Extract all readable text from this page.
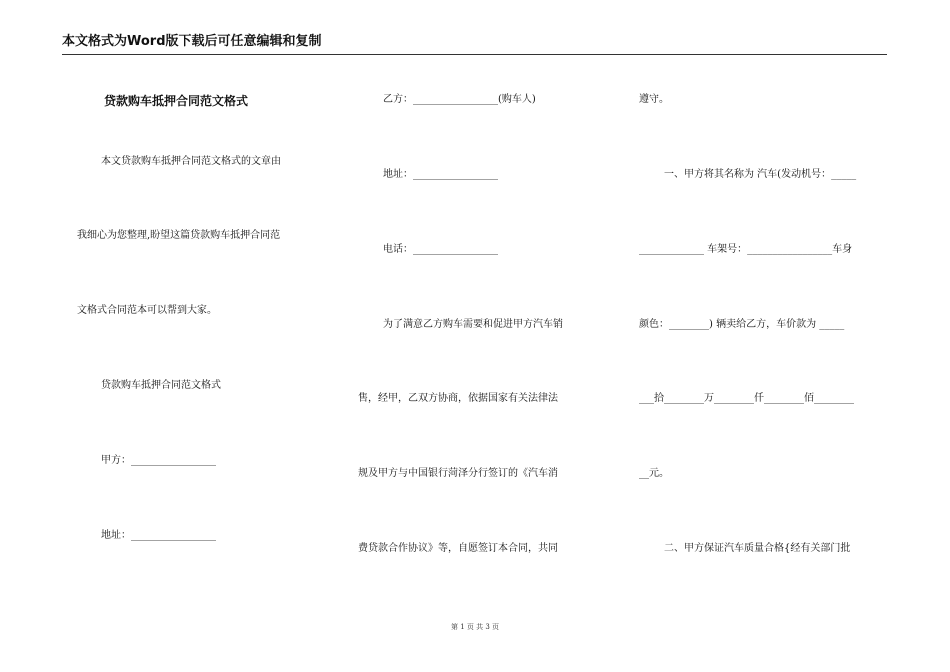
本文格式为Word版下载后可任意编辑和复制
贷款购车抵押合同范文格式
本文贷款购车抵押合同范文格式的文章由
我细心为您整理,盼望这篇贷款购车抵押合同范
文格式合同范本可以帮到大家。
贷款购车抵押合同范文格式
甲方：_________________
地址：_________________
乙方：_________________(购车人)
地址：_________________
电话：_________________
为了满意乙方购车需要和促进甲方汽车销
售，经甲，乙双方协商，依据国家有关法律法
规及甲方与中国银行菏泽分行签订的《汽车消
费贷款合作协议》等，自愿签订本合同，共同
遵守。
一、甲方将其名称为 汽车(发动机号：_____
_____________ 车架号：_________________车身
颜色：________) 辆卖给乙方，车价款为 _____
___拾________万________仟________佰________
__元。
二、甲方保证汽车质量合格{经有关部门批
第 1 页 共 3 页
